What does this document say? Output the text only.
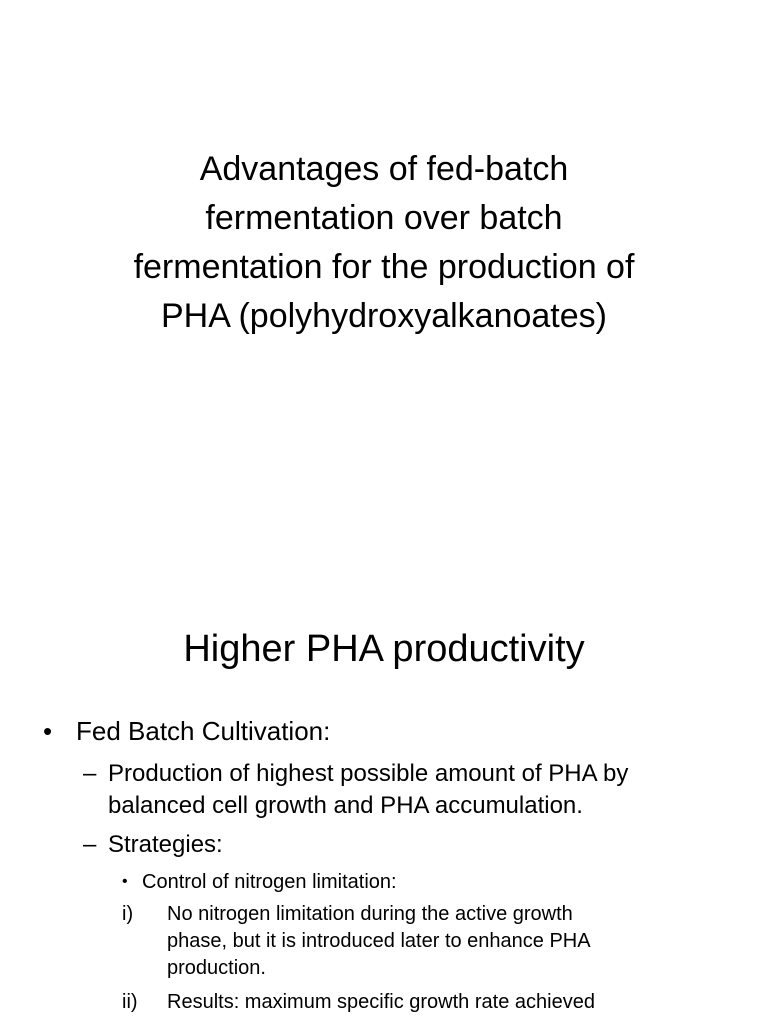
Advantages of fed-batch
fermentation over batch
fermentation for the production of
PHA (polyhydroxyalkanoates)
Higher PHA productivity
• Fed Batch Cultivation:
– Production of highest possible amount of PHA by
balanced cell growth and PHA accumulation.
– Strategies:
• Control of nitrogen limitation:
i) No nitrogen limitation during the active growth
phase, but it is introduced later to enhance PHA
production.
ii) Results: maximum specific growth rate achieved
